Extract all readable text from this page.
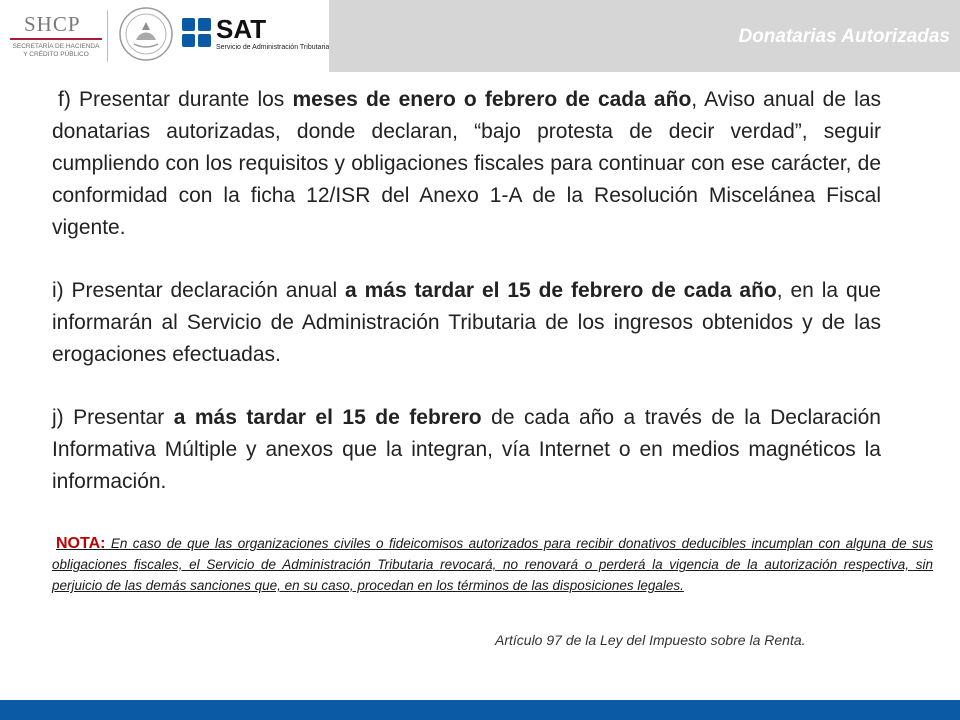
SHCP
SECRETARÍA DE HACIENDA
Y CRÉDITO PÚBLICO
SAT
Servicio de Administración Tributaria
Donatarias Autorizadas

f) Presentar durante los meses de enero o febrero de cada año, Aviso anual de las donatarias autorizadas, donde declaran, “bajo protesta de decir verdad”, seguir cumpliendo con los requisitos y obligaciones fiscales para continuar con ese carácter, de conformidad con la ficha 12/ISR del Anexo 1-A de la Resolución Miscelánea Fiscal vigente.

i) Presentar declaración anual a más tardar el 15 de febrero de cada año, en la que informarán al Servicio de Administración Tributaria de los ingresos obtenidos y de las erogaciones efectuadas.

j) Presentar a más tardar el 15 de febrero de cada año a través de la Declaración Informativa Múltiple y anexos que la integran, vía Internet o en medios magnéticos la información.

NOTA: En caso de que las organizaciones civiles o fideicomisos autorizados para recibir donativos deducibles incumplan con alguna de sus obligaciones fiscales, el Servicio de Administración Tributaria revocará, no renovará o perderá la vigencia de la autorización respectiva, sin perjuicio de las demás sanciones que, en su caso, procedan en los términos de las disposiciones legales.
Artículo 97 de la Ley del Impuesto sobre la Renta.
